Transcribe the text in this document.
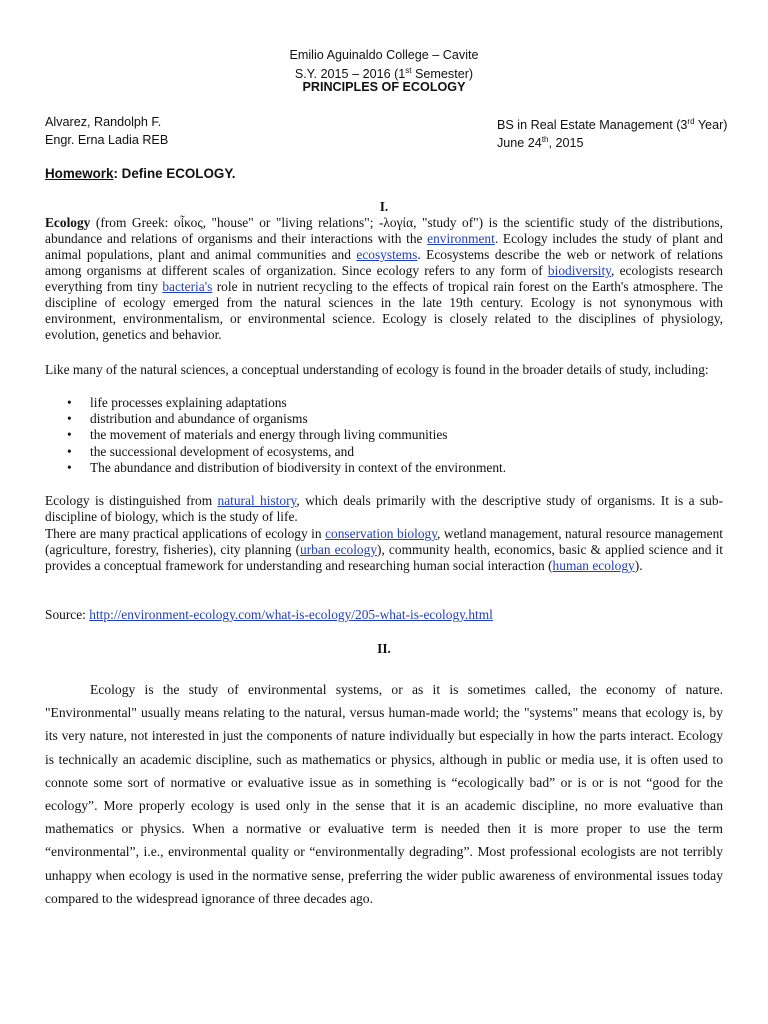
Emilio Aguinaldo College – Cavite
S.Y. 2015 – 2016 (1st Semester)
PRINCIPLES OF ECOLOGY
Alvarez, Randolph F.
Engr. Erna Ladia REB
BS in Real Estate Management (3rd Year)
June 24th, 2015
Homework: Define ECOLOGY.
I.
Ecology (from Greek: οἶκος, "house" or "living relations"; -λογία, "study of") is the scientific study of the distributions, abundance and relations of organisms and their interactions with the environment. Ecology includes the study of plant and animal populations, plant and animal communities and ecosystems. Ecosystems describe the web or network of relations among organisms at different scales of organization. Since ecology refers to any form of biodiversity, ecologists research everything from tiny bacteria's role in nutrient recycling to the effects of tropical rain forest on the Earth's atmosphere. The discipline of ecology emerged from the natural sciences in the late 19th century. Ecology is not synonymous with environment, environmentalism, or environmental science. Ecology is closely related to the disciplines of physiology, evolution, genetics and behavior.
Like many of the natural sciences, a conceptual understanding of ecology is found in the broader details of study, including:
• life processes explaining adaptations
• distribution and abundance of organisms
• the movement of materials and energy through living communities
• the successional development of ecosystems, and
• The abundance and distribution of biodiversity in context of the environment.
Ecology is distinguished from natural history, which deals primarily with the descriptive study of organisms. It is a sub-discipline of biology, which is the study of life.
There are many practical applications of ecology in conservation biology, wetland management, natural resource management (agriculture, forestry, fisheries), city planning (urban ecology), community health, economics, basic & applied science and it provides a conceptual framework for understanding and researching human social interaction (human ecology).
Source: http://environment-ecology.com/what-is-ecology/205-what-is-ecology.html
II.
Ecology is the study of environmental systems, or as it is sometimes called, the economy of nature. "Environmental" usually means relating to the natural, versus human-made world; the "systems" means that ecology is, by its very nature, not interested in just the components of nature individually but especially in how the parts interact. Ecology is technically an academic discipline, such as mathematics or physics, although in public or media use, it is often used to connote some sort of normative or evaluative issue as in something is “ecologically bad” or is or is not “good for the ecology”. More properly ecology is used only in the sense that it is an academic discipline, no more evaluative than mathematics or physics. When a normative or evaluative term is needed then it is more proper to use the term “environmental”, i.e., environmental quality or “environmentally degrading”. Most professional ecologists are not terribly unhappy when ecology is used in the normative sense, preferring the wider public awareness of environmental issues today compared to the widespread ignorance of three decades ago.
